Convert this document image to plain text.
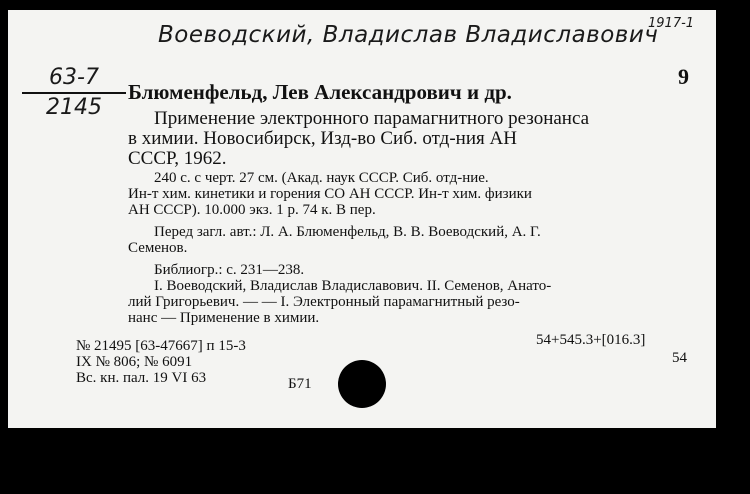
Воеводский, Владислав Владиславович
1917-1
63-7
2145
9
Блюменфельд, Лев Александрович и др.
Применение электронного парамагнитного резонанса
в химии. Новосибирск, Изд-во Сиб. отд-ния АН
СССР, 1962.
240 с. с черт. 27 см. (Акад. наук СССР. Сиб. отд-ние.
Ин-т хим. кинетики и горения СО АН СССР. Ин-т хим. физики
АН СССР). 10.000 экз. 1 р. 74 к. В пер.
Перед загл. авт.: Л. А. Блюменфельд, В. В. Воеводский, А. Г.
Семенов.
Библиогр.: с. 231—238.
I. Воеводский, Владислав Владиславович. II. Семенов, Анато-
лий Григорьевич. — — I. Электронный парамагнитный резо-
нанс — Применение в химии.
№ 21495 [63-47667] п 15-3
IX № 806; № 6091
Вс. кн. пал. 19 VI 63	Б71
54+545.3+[016.3]
54
